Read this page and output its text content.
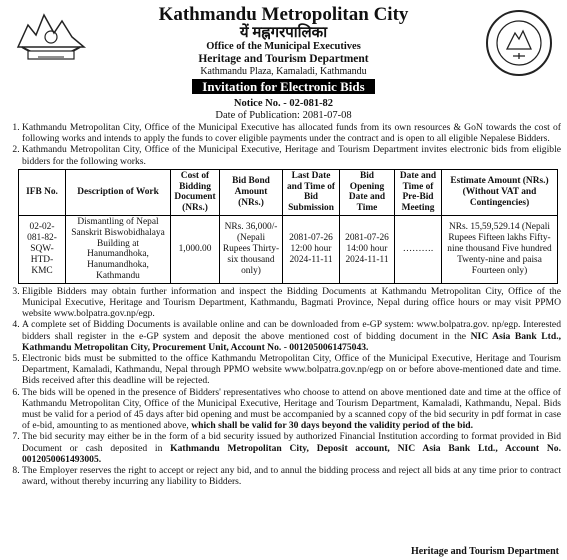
Kathmandu Metropolitan City
यें मह्नगरपालिका
Office of the Municipal Executives
Heritage and Tourism Department
Kathmandu Plaza, Kamaladi, Kathmandu
Invitation for Electronic Bids
Notice No. - 02-081-82
Date of Publication: 2081-07-08
1. Kathmandu Metropolitan City, Office of the Municipal Executive has allocated funds from its own resources & GoN towards the cost of following works and intends to apply the funds to cover eligible payments under the contract and is open to all eligible Nepalese Bidders.
2. Kathmandu Metropolitan City, Office of the Municipal Executive, Heritage and Tourism Department invites electronic bids from eligible bidders for the following works.
IFB No.	Description of Work	Cost of Bidding Document (NRs.)	Bid Bond Amount (NRs.)	Last Date and Time of Bid Submission	Bid Opening Date and Time	Date and Time of Pre-Bid Meeting	Estimate Amount (NRs.) (Without VAT and Contingencies)
02-02-081-82-SQW-HTD-KMC	Dismantling of Nepal Sanskrit Biswobidhalaya Building at Hanumandhoka, Hanumandhoka, Kathmandu	1,000.00	NRs. 36,000/- (Nepali Rupees Thirty-six thousand only)	2081-07-26 12:00 hour 2024-11-11	2081-07-26 14:00 hour 2024-11-11	……….	NRs. 15,59,529.14 (Nepali Rupees Fifteen lakhs Fifty-nine thousand Five hundred Twenty-nine and paisa Fourteen only)
3. Eligible Bidders may obtain further information and inspect the Bidding Documents at Kathmandu Metropolitan City, Office of the Municipal Executive, Heritage and Tourism Department, Kathmandu, Bagmati Province, Nepal during office hours or may visit PPMO website www.bolpatra.gov.np/egp.
4. A complete set of Bidding Documents is available online and can be downloaded from e-GP system: www.bolpatra.gov. np/egp. Interested bidders shall register in the e-GP system and deposit the above mentioned cost of bidding document in the NIC Asia Bank Ltd., Kathmandu Metropolitan City, Procurement Unit, Account No. - 0012050061475043.
5. Electronic bids must be submitted to the office Kathmandu Metropolitan City, Office of the Municipal Executive, Heritage and Tourism Department, Kamaladi, Kathmandu, Nepal through PPMO website www.bolpatra.gov.np/egp on or before above-mentioned date and time. Bids received after this deadline will be rejected.
6. The bids will be opened in the presence of Bidders' representatives who choose to attend on above mentioned date and time at the office of Kathmandu Metropolitan City, Office of the Municipal Executive, Heritage and Tourism Department, Kamaladi, Kathmandu, Nepal. Bids must be valid for a period of 45 days after bid opening and must be accompanied by a scanned copy of the bid security in pdf format in case of e-bid, amounting to as mentioned above, which shall be valid for 30 days beyond the validity period of the bid.
7. The bid security may either be in the form of a bid security issued by authorized Financial Institution according to format provided in Bid Document or cash deposited in Kathmandu Metropolitan City, Deposit account, NIC Asia Bank Ltd., Account No. 0012050061493005.
8. The Employer reserves the right to accept or reject any bid, and to annul the bidding process and reject all bids at any time prior to contract award, without thereby incurring any liability to Bidders.
Heritage and Tourism Department
